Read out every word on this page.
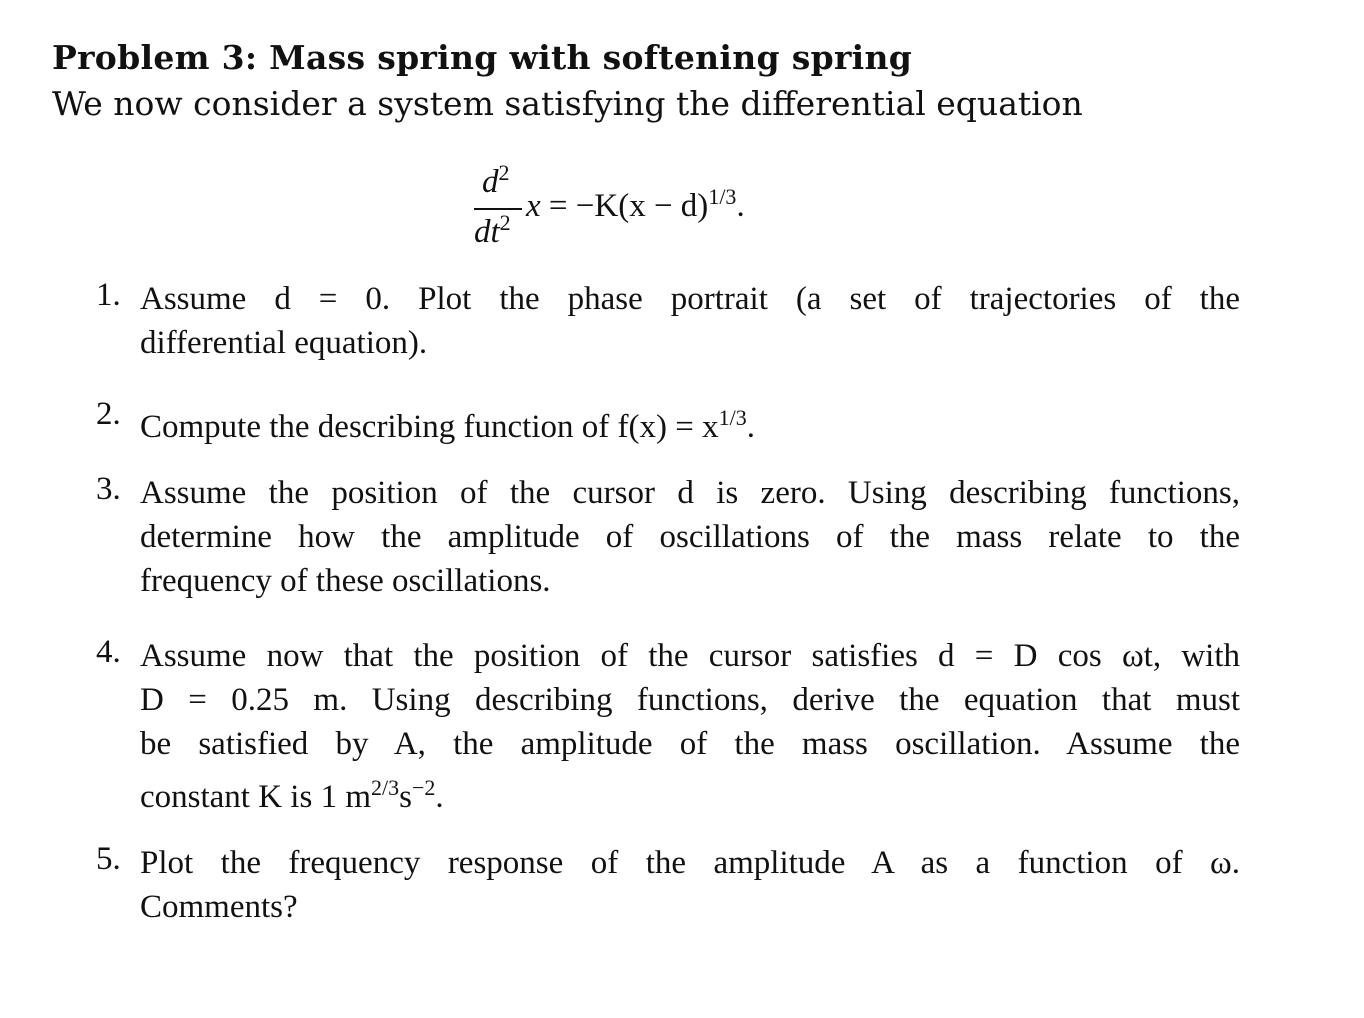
Problem 3: Mass spring with softening spring
We now consider a system satisfying the differential equation
$d^2$
$dt^2$ $x = -K(x - d)^{1/3}$.
1. Assume d = 0. Plot the phase portrait (a set of trajectories of the
differential equation).
2. Compute the describing function of $f(x) = x^{1/3}$.
3. Assume the position of the cursor d is zero. Using describing functions,
determine how the amplitude of oscillations of the mass relate to the
frequency of these oscillations.
4. Assume now that the position of the cursor satisfies d = D cos ωt, with
D = 0.25 m. Using describing functions, derive the equation that must
be satisfied by A, the amplitude of the mass oscillation. Assume the
constant K is 1 $m^{2/3}s^{-2}$.
5. Plot the frequency response of the amplitude A as a function of ω.
Comments?
